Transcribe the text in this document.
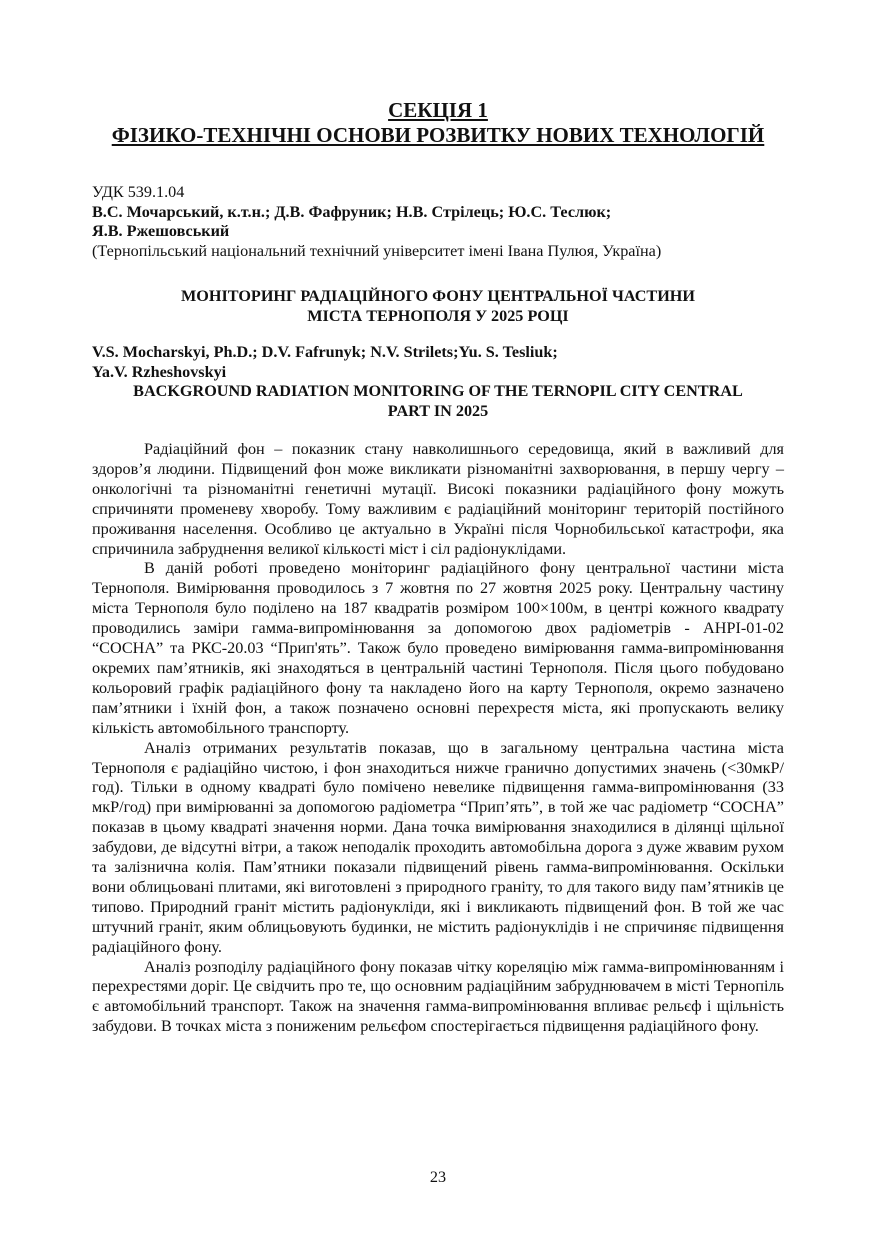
СЕКЦІЯ 1
ФІЗИКО-ТЕХНІЧНІ ОСНОВИ РОЗВИТКУ НОВИХ ТЕХНОЛОГІЙ
УДК 539.1.04
В.С. Мочарський, к.т.н.; Д.В. Фафруник; Н.В. Стрілець; Ю.С. Теслюк;
Я.В. Ржешовський
(Тернопільський національний технічний університет імені Івана Пулюя, Україна)
МОНІТОРИНГ РАДІАЦІЙНОГО ФОНУ ЦЕНТРАЛЬНОЇ ЧАСТИНИ
МІСТА ТЕРНОПОЛЯ У 2025 РОЦІ
V.S. Mocharskyi, Ph.D.; D.V. Fafrunyk; N.V. Strilets;Yu. S. Tesliuk;
Ya.V. Rzheshovskyi
BACKGROUND RADIATION MONITORING OF THE TERNOPIL CITY CENTRAL
PART IN 2025

Радіаційний фон – показник стану навколишнього середовища, який в важливий для здоров’я людини. Підвищений фон може викликати різноманітні захворювання, в першу чергу – онкологічні та різноманітні генетичні мутації. Високі показники радіаційного фону можуть спричиняти променеву хворобу. Тому важливим є радіаційний моніторинг територій постійного проживання населення. Особливо це актуально в Україні після Чорнобильської катастрофи, яка спричинила забруднення великої кількості міст і сіл радіонуклідами.

В даній роботі проведено моніторинг радіаційного фону центральної частини міста Тернополя. Вимірювання проводилось з 7 жовтня по 27 жовтня 2025 року. Центральну частину міста Тернополя було поділено на 187 квадратів розміром 100×100м, в центрі кожного квадрату проводились заміри гамма-випромінювання за допомогою двох радіометрів - АНРІ-01-02 “СОСНА” та РКС-20.03 “Прип'ять”. Також було проведено вимірювання гамма-випромінювання окремих пам’ятників, які знаходяться в центральній частині Тернополя. Після цього побудовано кольоровий графік радіаційного фону та накладено його на карту Тернополя, окремо зазначено пам’ятники і їхній фон, а також позначено основні перехрестя міста, які пропускають велику кількість автомобільного транспорту.

Аналіз отриманих результатів показав, що в загальному центральна частина міста Тернополя є радіаційно чистою, і фон знаходиться нижче гранично допустимих значень (<30мкР/год). Тільки в одному квадраті було помічено невелике підвищення гамма-випромінювання (33 мкР/год) при вимірюванні за допомогою радіометра “Прип’ять”, в той же час радіометр “СОСНА” показав в цьому квадраті значення норми. Дана точка вимірювання знаходилися в ділянці щільної забудови, де відсутні вітри, а також неподалік проходить автомобільна дорога з дуже жвавим рухом та залізнична колія. Пам’ятники показали підвищений рівень гамма-випромінювання. Оскільки вони облицьовані плитами, які виготовлені з природного граніту, то для такого виду пам’ятників це типово. Природний граніт містить радіонукліди, які і викликають підвищений фон. В той же час штучний граніт, яким облицьовують будинки, не містить радіонуклідів і не спричиняє підвищення радіаційного фону.

Аналіз розподілу радіаційного фону показав чітку кореляцію між гамма-випромінюванням і перехрестями доріг. Це свідчить про те, що основним радіаційним забруднювачем в місті Тернопіль є автомобільний транспорт. Також на значення гамма-випромінювання впливає рельєф і щільність забудови. В точках міста з пониженим рельєфом спостерігається підвищення радіаційного фону.

23
